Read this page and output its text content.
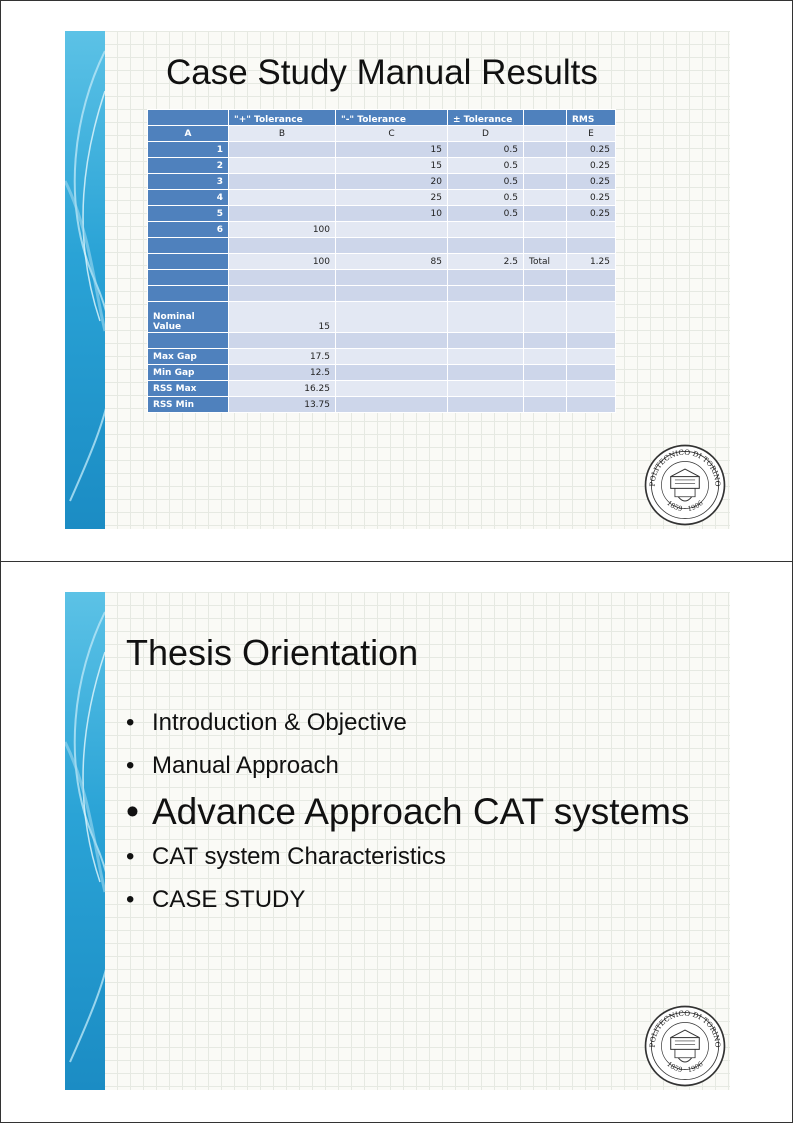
Case Study Manual Results
	"+" Tolerance	"-" Tolerance	± Tolerance		RMS
A	B	C	D		E
1		15	0.5		0.25
2		15	0.5		0.25
3		20	0.5		0.25
4		25	0.5		0.25
5		10	0.5		0.25
6	100				

	100	85	2.5	Total	1.25

Nominal Value	15				

Max Gap	17.5				
Min Gap	12.5				
RSS Max	16.25				
RSS Min	13.75				
POLITECNICO DI TORINO
1859 · 1906
Thesis Orientation
• Introduction & Objective
• Manual Approach
• Advance Approach CAT systems
• CAT system Characteristics
• CASE STUDY
POLITECNICO DI TORINO
1859 · 1906
